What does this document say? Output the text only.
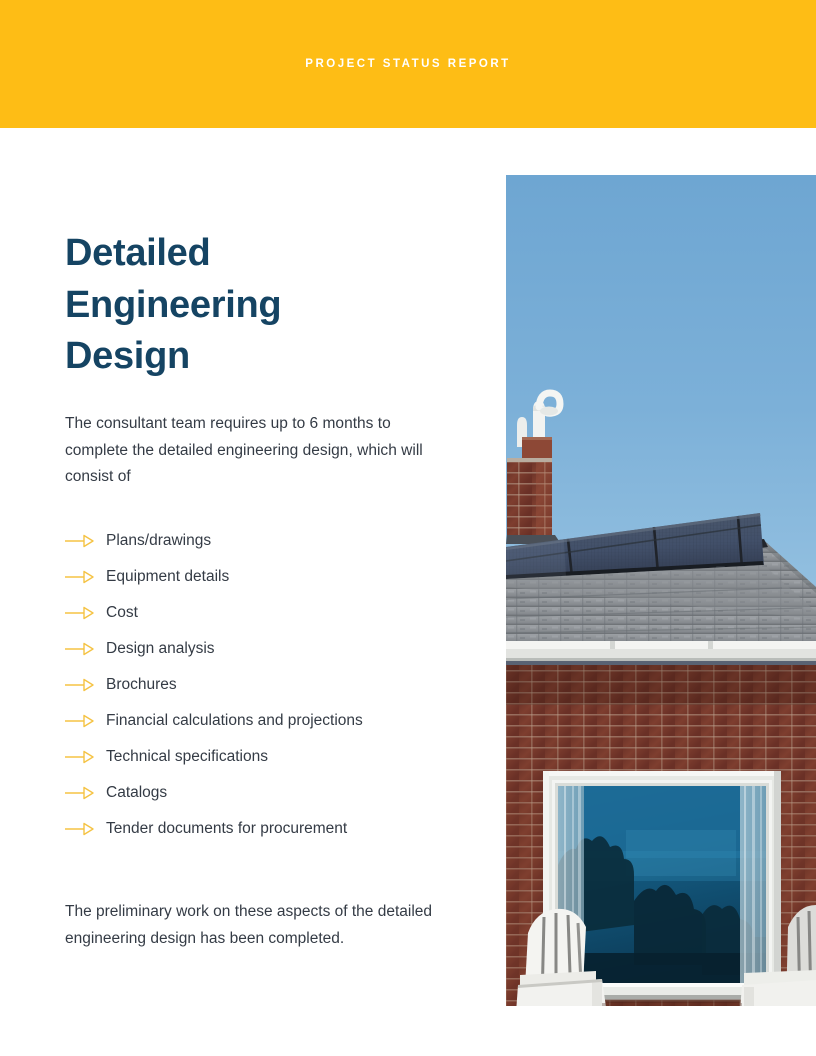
PROJECT STATUS REPORT
Detailed Engineering Design

The consultant team requires up to 6 months to complete the detailed engineering design, which will consist of

Plans/drawings
Equipment details
Cost
Design analysis
Brochures
Financial calculations and projections
Technical specifications
Catalogs
Tender documents for procurement

The preliminary work on these aspects of the detailed engineering design has been completed.
